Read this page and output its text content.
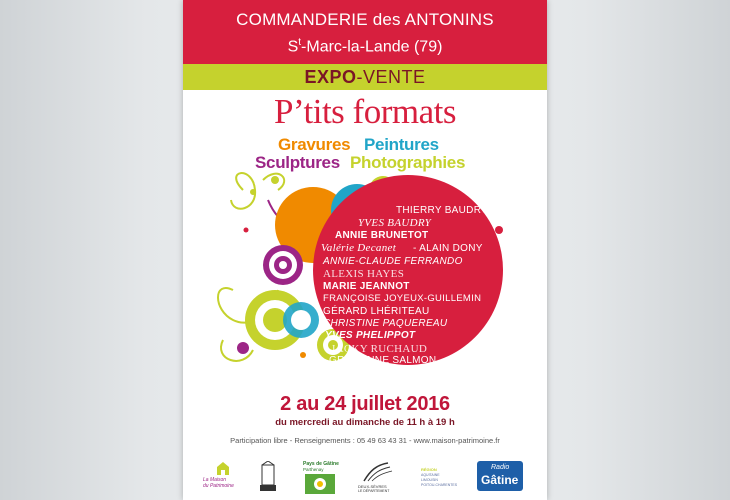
COMMANDERIE des ANTONINS
$S^t-Marc-la$-Lande (79)
EXPO-VENTE
P’tits formats
Gravures Peintures
Sculptures Photographies
THIERRY BAUDRY
YVES BAUDRY
ANNIE BRUNETOT
Valérie Decanet - ALAIN DONY
ANNIE-CLAUDE FERRANDO
ALEXIS HAYES
MARIE JEANNOT
FRANÇOISE JOYEUX-GUILLEMIN
GÉRARD LHÉRITEAU
CHRISTINE PAQUEREAU
YVES PHELIPPOT
JACKY RUCHAUD
GRATIENNE SALMON
CATHERINE TOCIS-MERTEN
2 au 24 juillet 2016
du mercredi au dimanche de 11 h à 19 h
Participation libre - Renseignements : 05 49 63 43 31 - www.maison-patrimoine.fr
La Maison
du Patrimoine
Pays de Gâtine
Parthenay
DEUX-SÈVRES
LE DÉPARTEMENT
RÉGION
AQUITAINE
LIMOUSIN
POITOU-CHARENTES
Radio
Gâtine
